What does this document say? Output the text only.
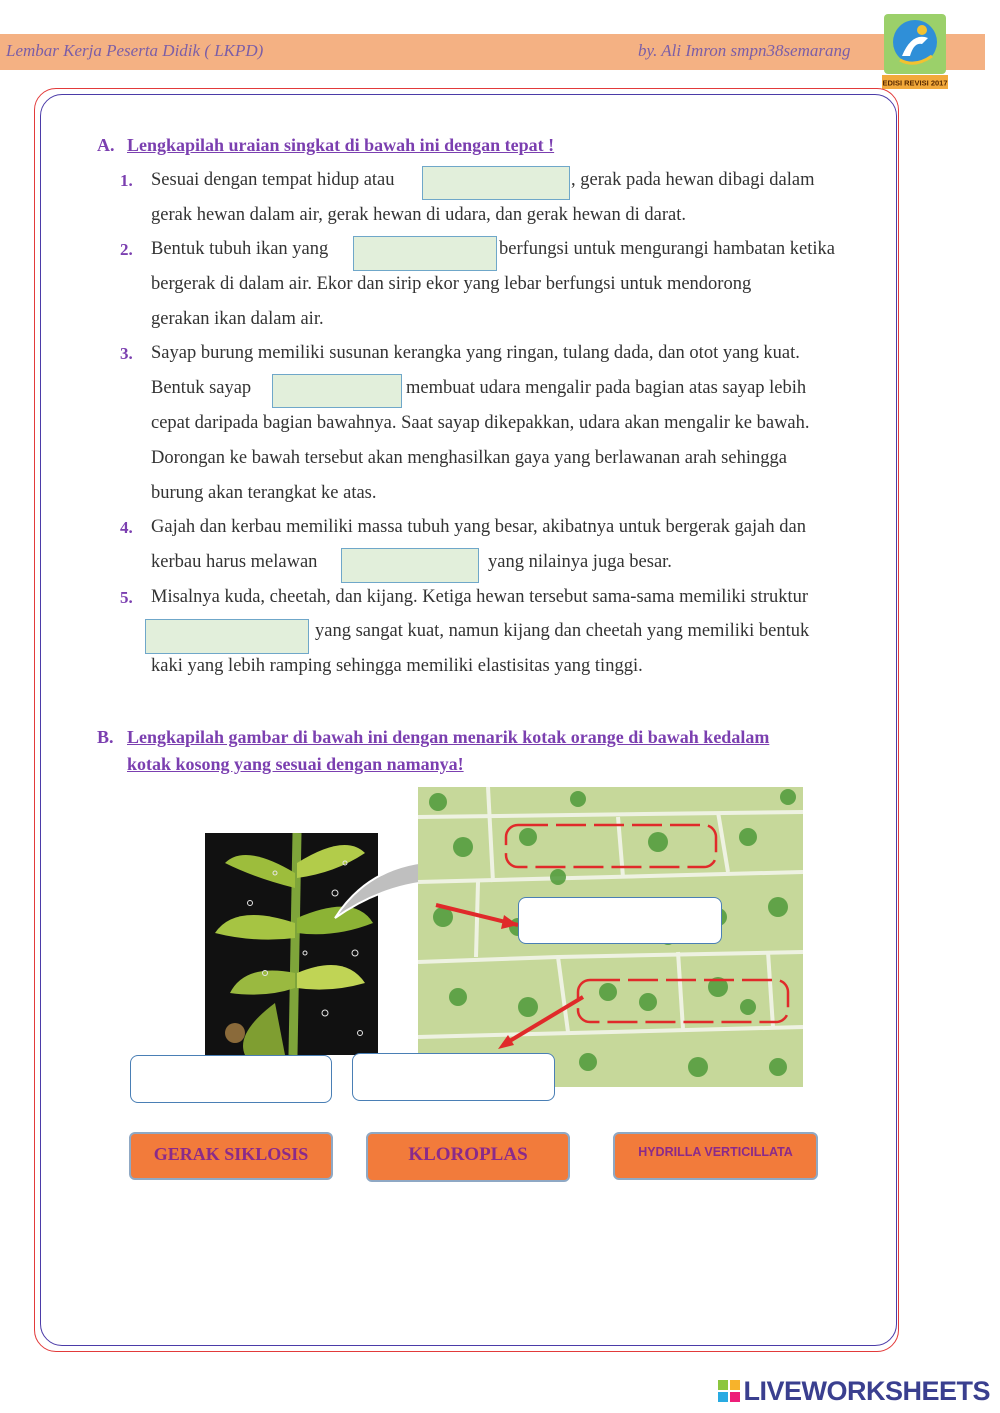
Lembar Kerja Peserta Didik ( LKPD)	by. Ali Imron smpn38semarang
EDISI REVISI 2017
A. Lengkapilah uraian singkat di bawah ini dengan tepat !
1. Sesuai dengan tempat hidup atau	, gerak pada hewan dibagi dalam
gerak hewan dalam air, gerak hewan di udara, dan gerak hewan di darat.
2. Bentuk tubuh ikan yang	berfungsi untuk mengurangi hambatan ketika
bergerak di dalam air. Ekor dan sirip ekor yang lebar berfungsi untuk mendorong
gerakan ikan dalam air.
3. Sayap burung memiliki susunan kerangka yang ringan, tulang dada, dan otot yang kuat.
Bentuk sayap	membuat udara mengalir pada bagian atas sayap lebih
cepat daripada bagian bawahnya. Saat sayap dikepakkan, udara akan mengalir ke bawah.
Dorongan ke bawah tersebut akan menghasilkan gaya yang berlawanan arah sehingga
burung akan terangkat ke atas.
4. Gajah dan kerbau memiliki massa tubuh yang besar, akibatnya untuk bergerak gajah dan
kerbau harus melawan	yang nilainya juga besar.
5. Misalnya kuda, cheetah, dan kijang. Ketiga hewan tersebut sama-sama memiliki struktur
yang sangat kuat, namun kijang dan cheetah yang memiliki bentuk
kaki yang lebih ramping sehingga memiliki elastisitas yang tinggi.
B. Lengkapilah gambar di bawah ini dengan menarik kotak orange di bawah kedalam
kotak kosong yang sesuai dengan namanya!
GERAK SIKLOSIS	KLOROPLAS	HYDRILLA VERTICILLATA
LIVEWORKSHEETS
